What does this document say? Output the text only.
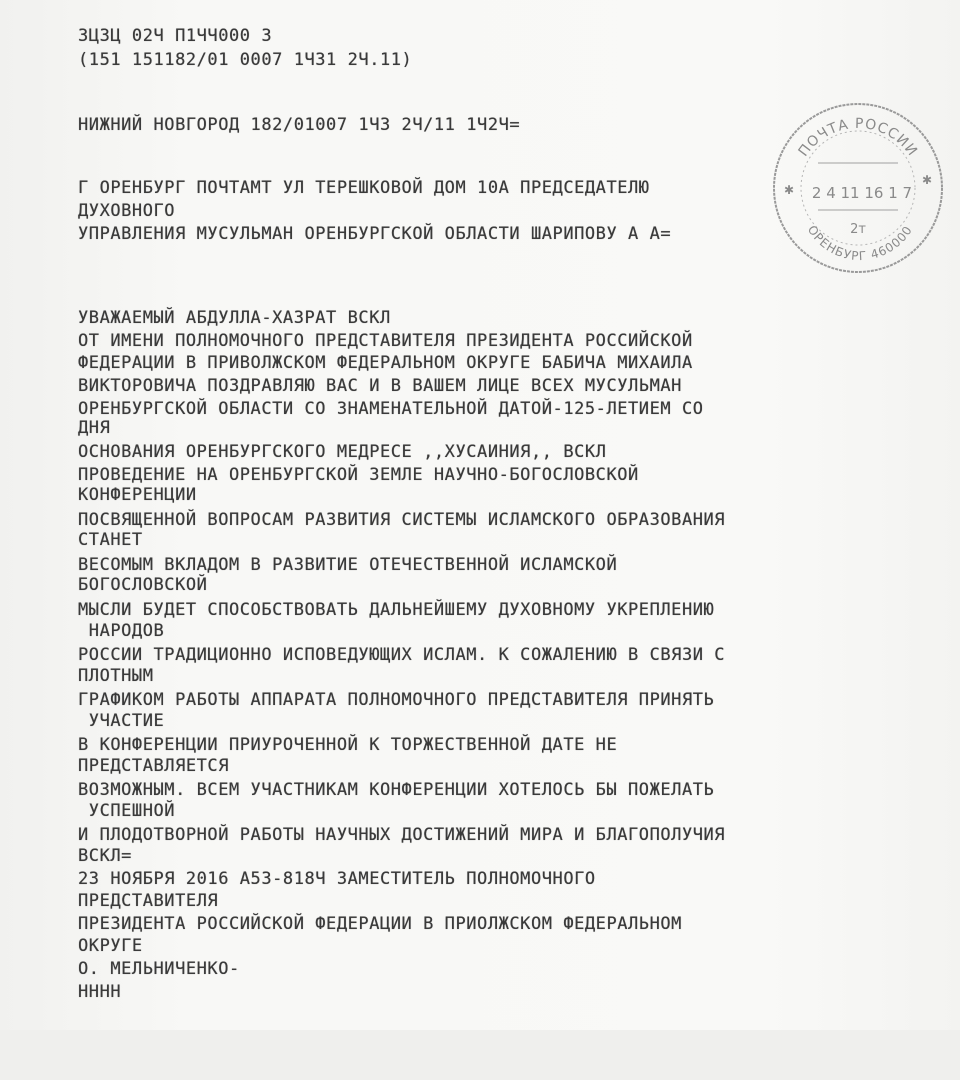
ЗЦЗЦ 02Ч П1ЧЧ000 З
(151 151182/01 0007 1Ч31 2Ч.11)
НИЖНИЙ НОВГОРОД 182/01007 1Ч3 2Ч/11 1Ч2Ч=
Г ОРЕНБУРГ ПОЧТАМТ УЛ ТЕРЕШКОВОЙ ДОМ 10А ПРЕДСЕДАТЕЛЮ
ДУХОВНОГО
УПРАВЛЕНИЯ МУСУЛЬМАН ОРЕНБУРГСКОЙ ОБЛАСТИ ШАРИПОВУ А А=
УВАЖАЕМЫЙ АБДУЛЛА-ХАЗРАТ ВСКЛ
ОТ ИМЕНИ ПОЛНОМОЧНОГО ПРЕДСТАВИТЕЛЯ ПРЕЗИДЕНТА РОССИЙСКОЙ
ФЕДЕРАЦИИ В ПРИВОЛЖСКОМ ФЕДЕРАЛЬНОМ ОКРУГЕ БАБИЧА МИХАИЛА
ВИКТОРОВИЧА ПОЗДРАВЛЯЮ ВАС И В ВАШЕМ ЛИЦЕ ВСЕХ МУСУЛЬМАН
ОРЕНБУРГСКОЙ ОБЛАСТИ СО ЗНАМЕНАТЕЛЬНОЙ ДАТОЙ-125-ЛЕТИЕМ СО
ДНЯ
ОСНОВАНИЯ ОРЕНБУРГСКОГО МЕДРЕСЕ ,,ХУСАИНИЯ,, ВСКЛ
ПРОВЕДЕНИЕ НА ОРЕНБУРГСКОЙ ЗЕМЛЕ НАУЧНО-БОГОСЛОВСКОЙ
КОНФЕРЕНЦИИ
ПОСВЯЩЕННОЙ ВОПРОСАМ РАЗВИТИЯ СИСТЕМЫ ИСЛАМСКОГО ОБРАЗОВАНИЯ
СТАНЕТ
ВЕСОМЫМ ВКЛАДОМ В РАЗВИТИЕ ОТЕЧЕСТВЕННОЙ ИСЛАМСКОЙ
БОГОСЛОВСКОЙ
МЫСЛИ БУДЕТ СПОСОБСТВОВАТЬ ДАЛЬНЕЙШЕМУ ДУХОВНОМУ УКРЕПЛЕНИЮ
НАРОДОВ
РОССИИ ТРАДИЦИОННО ИСПОВЕДУЮЩИХ ИСЛАМ. К СОЖАЛЕНИЮ В СВЯЗИ С
ПЛОТНЫМ
ГРАФИКОМ РАБОТЫ АППАРАТА ПОЛНОМОЧНОГО ПРЕДСТАВИТЕЛЯ ПРИНЯТЬ
УЧАСТИЕ
В КОНФЕРЕНЦИИ ПРИУРОЧЕННОЙ К ТОРЖЕСТВЕННОЙ ДАТЕ НЕ
ПРЕДСТАВЛЯЕТСЯ
ВОЗМОЖНЫМ. ВСЕМ УЧАСТНИКАМ КОНФЕРЕНЦИИ ХОТЕЛОСЬ БЫ ПОЖЕЛАТЬ
УСПЕШНОЙ
И ПЛОДОТВОРНОЙ РАБОТЫ НАУЧНЫХ ДОСТИЖЕНИЙ МИРА И БЛАГОПОЛУЧИЯ
ВСКЛ=
23 НОЯБРЯ 2016 А53-818Ч ЗАМЕСТИТЕЛЬ ПОЛНОМОЧНОГО
ПРЕДСТАВИТЕЛЯ
ПРЕЗИДЕНТА РОССИЙСКОЙ ФЕДЕРАЦИИ В ПРИОЛЖСКОМ ФЕДЕРАЛЬНОМ
ОКРУГЕ
О. МЕЛЬНИЧЕНКО-
НННН
ПОЧТА РОССИИ
✱
✱
2 4 11 16 1 7
2т
ОРЕНБУРГ 460000
